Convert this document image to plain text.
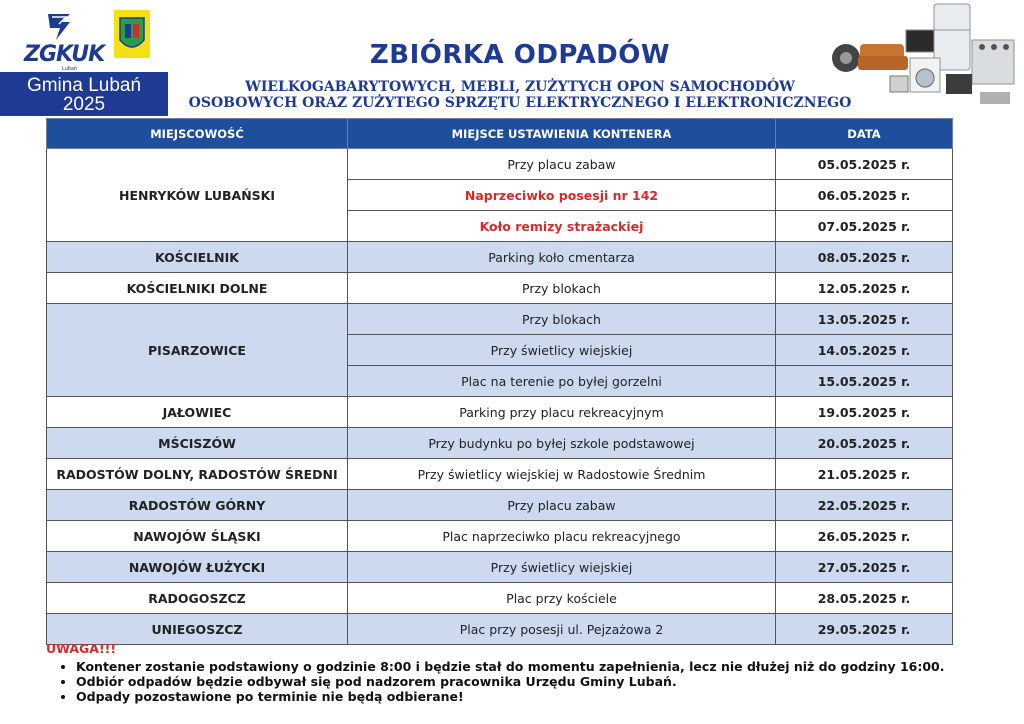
ZGKUK
Lubań
Gmina Lubań
2025
ZBIÓRKA ODPADÓW
WIELKOGABARYTOWYCH, MEBLI, ZUŻYTYCH OPON SAMOCHODÓW
OSOBOWYCH ORAZ ZUŻYTEGO SPRZĘTU ELEKTRYCZNEGO I ELEKTRONICZNEGO
MIEJSCOWOŚĆ	MIEJSCE USTAWIENIA KONTENERA	DATA
HENRYKÓW LUBAŃSKI	Przy placu zabaw	05.05.2025 r.
	Naprzeciwko posesji nr 142	06.05.2025 r.
	Koło remizy strażackiej	07.05.2025 r.
KOŚCIELNIK	Parking koło cmentarza	08.05.2025 r.
KOŚCIELNIKI DOLNE	Przy blokach	12.05.2025 r.
PISARZOWICE	Przy blokach	13.05.2025 r.
	Przy świetlicy wiejskiej	14.05.2025 r.
	Plac na terenie po byłej gorzelni	15.05.2025 r.
JAŁOWIEC	Parking przy placu rekreacyjnym	19.05.2025 r.
MŚCISZÓW	Przy budynku po byłej szkole podstawowej	20.05.2025 r.
RADOSTÓW DOLNY, RADOSTÓW ŚREDNI	Przy świetlicy wiejskiej w Radostowie Średnim	21.05.2025 r.
RADOSTÓW GÓRNY	Przy placu zabaw	22.05.2025 r.
NAWOJÓW ŚLĄSKI	Plac naprzeciwko placu rekreacyjnego	26.05.2025 r.
NAWOJÓW ŁUŻYCKI	Przy świetlicy wiejskiej	27.05.2025 r.
RADOGOSZCZ	Plac przy kościele	28.05.2025 r.
UNIEGOSZCZ	Plac przy posesji ul. Pejzażowa 2	29.05.2025 r.
UWAGA!!!
• Kontener zostanie podstawiony o godzinie 8:00 i będzie stał do momentu zapełnienia, lecz nie dłużej niż do godziny 16:00.
• Odbiór odpadów będzie odbywał się pod nadzorem pracownika Urzędu Gminy Lubań.
• Odpady pozostawione po terminie nie będą odbierane!
